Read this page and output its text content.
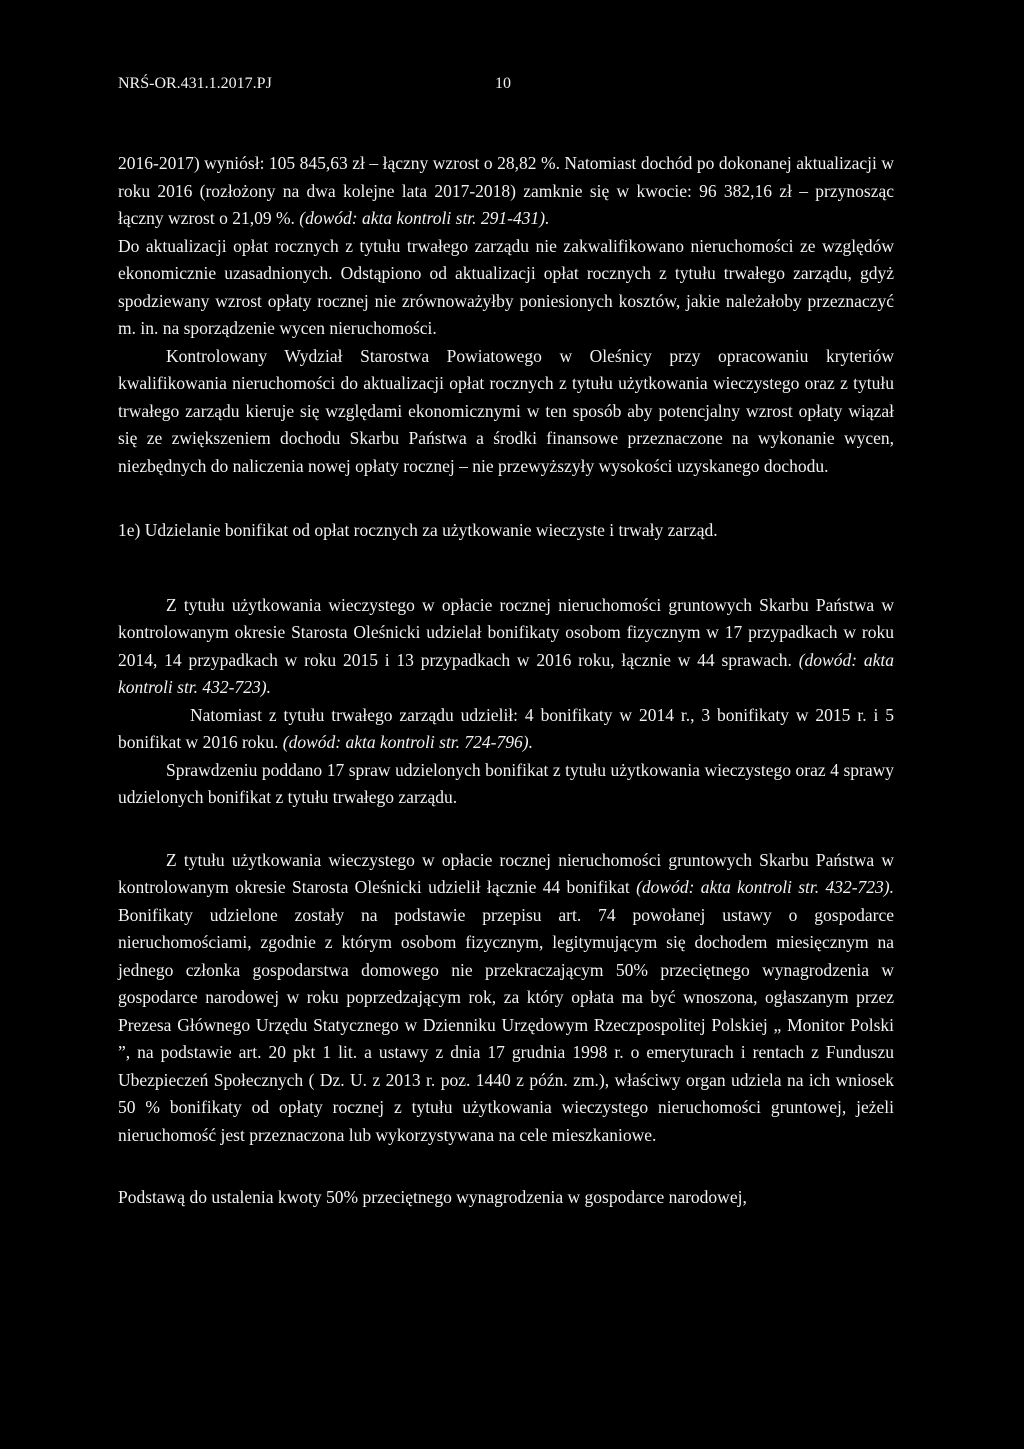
NRŚ-OR.431.1.2017.PJ	10

2016-2017) wyniósł: 105 845,63 zł – łączny wzrost o 28,82 %. Natomiast dochód po dokonanej aktualizacji w roku 2016 (rozłożony na dwa kolejne lata 2017-2018) zamknie się w kwocie: 96 382,16 zł – przynosząc łączny wzrost o 21,09 %. (dowód: akta kontroli str. 291-431).

Do aktualizacji opłat rocznych z tytułu trwałego zarządu nie zakwalifikowano nieruchomości ze względów ekonomicznie uzasadnionych. Odstąpiono od aktualizacji opłat rocznych z tytułu trwałego zarządu, gdyż spodziewany wzrost opłaty rocznej nie zrównoważyłby poniesionych kosztów, jakie należałoby przeznaczyć m. in. na sporządzenie wycen nieruchomości.

Kontrolowany Wydział Starostwa Powiatowego w Oleśnicy przy opracowaniu kryteriów kwalifikowania nieruchomości do aktualizacji opłat rocznych z tytułu użytkowania wieczystego oraz z tytułu trwałego zarządu kieruje się względami ekonomicznymi w ten sposób aby potencjalny wzrost opłaty wiązał się ze zwiększeniem dochodu Skarbu Państwa a środki finansowe przeznaczone na wykonanie wycen, niezbędnych do naliczenia nowej opłaty rocznej – nie przewyższyły wysokości uzyskanego dochodu.

1e) Udzielanie bonifikat od opłat rocznych za użytkowanie wieczyste i trwały zarząd.

Z tytułu użytkowania wieczystego w opłacie rocznej nieruchomości gruntowych Skarbu Państwa w kontrolowanym okresie Starosta Oleśnicki udzielał bonifikaty osobom fizycznym w 17 przypadkach w roku 2014, 14 przypadkach w roku 2015 i 13 przypadkach w 2016 roku, łącznie w 44 sprawach. (dowód: akta kontroli str. 432-723).

Natomiast z tytułu trwałego zarządu udzielił: 4 bonifikaty w 2014 r., 3 bonifikaty w 2015 r. i 5 bonifikat w 2016 roku. (dowód: akta kontroli str. 724-796).

Sprawdzeniu poddano 17 spraw udzielonych bonifikat z tytułu użytkowania wieczystego oraz 4 sprawy udzielonych bonifikat z tytułu trwałego zarządu.

Z tytułu użytkowania wieczystego w opłacie rocznej nieruchomości gruntowych Skarbu Państwa w kontrolowanym okresie Starosta Oleśnicki udzielił łącznie 44 bonifikat (dowód: akta kontroli str. 432-723). Bonifikaty udzielone zostały na podstawie przepisu art. 74 powołanej ustawy o gospodarce nieruchomościami, zgodnie z którym osobom fizycznym, legitymującym się dochodem miesięcznym na jednego członka gospodarstwa domowego nie przekraczającym 50% przeciętnego wynagrodzenia w gospodarce narodowej w roku poprzedzającym rok, za który opłata ma być wnoszona, ogłaszanym przez Prezesa Głównego Urzędu Statycznego w Dzienniku Urzędowym Rzeczpospolitej Polskiej „ Monitor Polski ”, na podstawie art. 20 pkt 1 lit. a ustawy z dnia 17 grudnia 1998 r. o emeryturach i rentach z Funduszu Ubezpieczeń Społecznych ( Dz. U. z 2013 r. poz. 1440 z późn. zm.), właściwy organ udziela na ich wniosek 50 % bonifikaty od opłaty rocznej z tytułu użytkowania wieczystego nieruchomości gruntowej, jeżeli nieruchomość jest przeznaczona lub wykorzystywana na cele mieszkaniowe.

Podstawą do ustalenia kwoty 50% przeciętnego wynagrodzenia w gospodarce narodowej,
